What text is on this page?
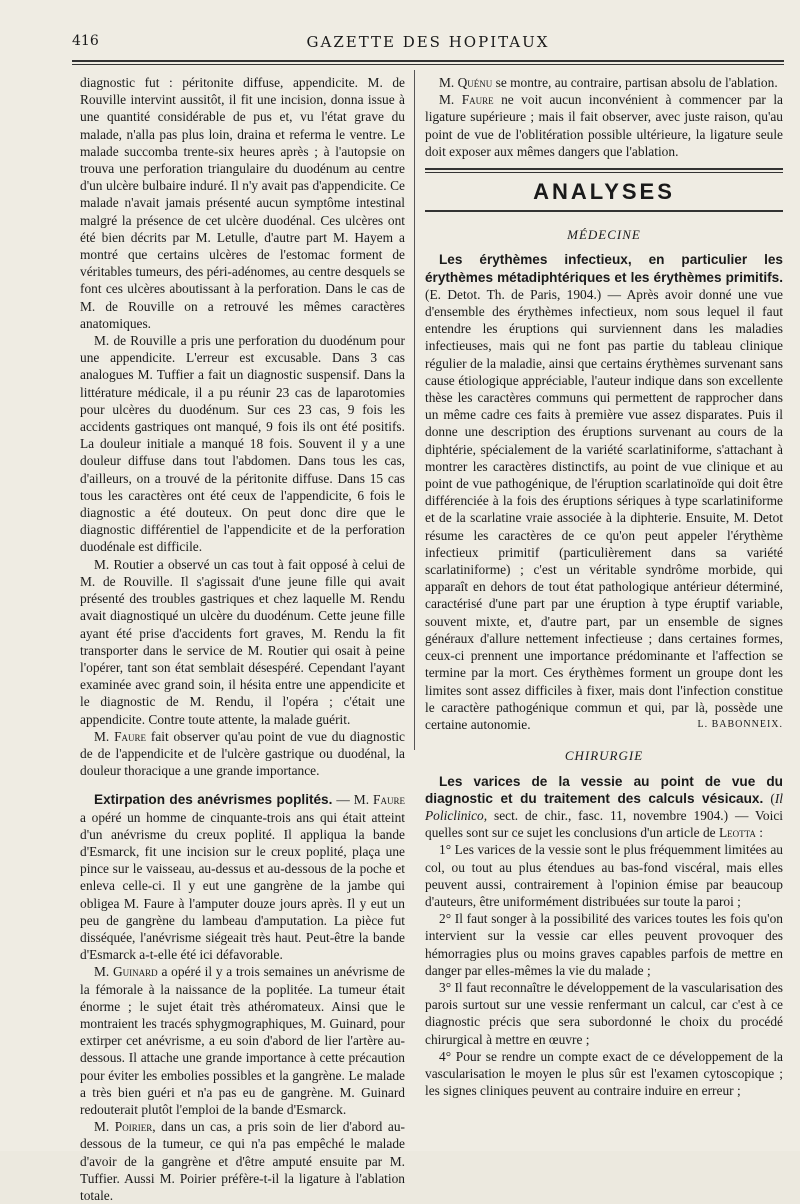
416	GAZETTE DES HOPITAUX

diagnostic fut : péritonite diffuse, appendicite. M. de Rouville intervint aussitôt, il fit une incision, donna issue à une quantité considérable de pus et, vu l'état grave du malade, n'alla pas plus loin, draina et referma le ventre. Le malade succomba trente-six heures après ; à l'autopsie on trouva une perforation triangulaire du duodénum au centre d'un ulcère bulbaire induré. Il n'y avait pas d'appendicite. Ce malade n'avait jamais présenté aucun symptôme intestinal malgré la présence de cet ulcère duodénal. Ces ulcères ont été bien décrits par M. Letulle, d'autre part M. Hayem a montré que certains ulcères de l'estomac forment de véritables tumeurs, des péri-adénomes, au centre desquels se font ces ulcères aboutissant à la perforation. Dans le cas de M. de Rouville on a retrouvé les mêmes caractères anatomiques.

M. de Rouville a pris une perforation du duodénum pour une appendicite. L'erreur est excusable. Dans 3 cas analogues M. Tuffier a fait un diagnostic suspensif. Dans la littérature médicale, il a pu réunir 23 cas de laparotomies pour ulcères du duodénum. Sur ces 23 cas, 9 fois les accidents gastriques ont manqué, 9 fois ils ont été positifs. La douleur initiale a manqué 18 fois. Souvent il y a une douleur diffuse dans tout l'abdomen. Dans tous les cas, d'ailleurs, on a trouvé de la péritonite diffuse. Dans 15 cas tous les caractères ont été ceux de l'appendicite, 6 fois le diagnostic a été douteux. On peut donc dire que le diagnostic différentiel de l'appendicite et de la perforation duodénale est difficile.

M. Routier a observé un cas tout à fait opposé à celui de M. de Rouville. Il s'agissait d'une jeune fille qui avait présenté des troubles gastriques et chez laquelle M. Rendu avait diagnostiqué un ulcère du duodénum. Cette jeune fille ayant été prise d'accidents fort graves, M. Rendu la fit transporter dans le service de M. Routier qui osait à peine l'opérer, tant son état semblait désespéré. Cependant l'ayant examinée avec grand soin, il hésita entre une appendicite et le diagnostic de M. Rendu, il l'opéra ; c'était une appendicite. Contre toute attente, la malade guérit.

M. Faure fait observer qu'au point de vue du diagnostic de de l'appendicite et de l'ulcère gastrique ou duodénal, la douleur thoracique a une grande importance.

Extirpation des anévrismes poplités. — M. Faure a opéré un homme de cinquante-trois ans qui était atteint d'un anévrisme du creux poplité. Il appliqua la bande d'Esmarck, fit une incision sur le creux poplité, plaça une pince sur le vaisseau, au-dessus et au-dessous de la poche et enleva celle-ci. Il y eut une gangrène de la jambe qui obligea M. Faure à l'amputer douze jours après. Il y eut un peu de gangrène du lambeau d'amputation. La pièce fut disséquée, l'anévrisme siégeait très haut. Peut-être la bande d'Esmarck a-t-elle été ici défavorable.

M. Guinard a opéré il y a trois semaines un anévrisme de la fémorale à la naissance de la poplitée. La tumeur était énorme ; le sujet était très athéromateux. Ainsi que le montraient les tracés sphygmographiques, M. Guinard, pour extirper cet anévrisme, a eu soin d'abord de lier l'artère au-dessous. Il attache une grande importance à cette précaution pour éviter les embolies possibles et la gangrène. Le malade a très bien guéri et n'a pas eu de gangrène. M. Guinard redouterait plutôt l'emploi de la bande d'Esmarck.

M. Poirier, dans un cas, a pris soin de lier d'abord au-dessous de la tumeur, ce qui n'a pas empêché le malade d'avoir de la gangrène et d'être amputé ensuite par M. Tuffier. Aussi M. Poirier préfère-t-il la ligature à l'ablation totale.

M. Quénu se montre, au contraire, partisan absolu de l'ablation.

M. Faure ne voit aucun inconvénient à commencer par la ligature supérieure ; mais il fait observer, avec juste raison, qu'au point de vue de l'oblitération possible ultérieure, la ligature seule doit exposer aux mêmes dangers que l'ablation.

ANALYSES
MÉDECINE

Les érythèmes infectieux, en particulier les érythèmes métadiphtériques et les érythèmes primitifs. (E. Detot. Th. de Paris, 1904.) — Après avoir donné une vue d'ensemble des érythèmes infectieux, nom sous lequel il faut entendre les éruptions qui surviennent dans les maladies infectieuses, mais qui ne font pas partie du tableau clinique régulier de la maladie, ainsi que certains érythèmes survenant sans cause étiologique appréciable, l'auteur indique dans son excellente thèse les caractères communs qui permettent de rapprocher dans un même cadre ces faits à première vue assez disparates. Puis il donne une description des éruptions survenant au cours de la diphtérie, spécialement de la variété scarlatiniforme, s'attachant à montrer les caractères distinctifs, au point de vue clinique et au point de vue pathogénique, de l'éruption scarlatinoïde qui doit être différenciée à la fois des éruptions sériques à type scarlatiniforme et de la scarlatine vraie associée à la diphterie. Ensuite, M. Detot résume les caractères de ce qu'on peut appeler l'érythème infectieux primitif (particulièrement dans sa variété scarlatiniforme) ; c'est un véritable syndrôme morbide, qui apparaît en dehors de tout état pathologique antérieur déterminé, caractérisé d'une part par une éruption à type éruptif variable, souvent mixte, et, d'autre part, par un ensemble de signes généraux d'allure nettement infectieuse ; dans certaines formes, ceux-ci prennent une importance prédominante et l'affection se termine par la mort. Ces érythèmes forment un groupe dont les limites sont assez difficiles à fixer, mais dont l'infection constitue le caractère pathogénique commun et qui, par là, possède une certaine autonomie.	L. BABONNEIX.
CHIRURGIE

Les varices de la vessie au point de vue du diagnostic et du traitement des calculs vésicaux. (Il Policlinico, sect. de chir., fasc. 11, novembre 1904.) — Voici quelles sont sur ce sujet les conclusions d'un article de Leotta :

1° Les varices de la vessie sont le plus fréquemment limitées au col, ou tout au plus étendues au bas-fond viscéral, mais elles peuvent aussi, contrairement à l'opinion émise par beaucoup d'auteurs, être uniformément distribuées sur toute la paroi ;

2° Il faut songer à la possibilité des varices toutes les fois qu'on intervient sur la vessie car elles peuvent provoquer des hémorragies plus ou moins graves capables parfois de mettre en danger par elles-mêmes la vie du malade ;

3° Il faut reconnaître le développement de la vascularisation des parois surtout sur une vessie renfermant un calcul, car c'est à ce diagnostic précis que sera subordonné le choix du procédé chirurgical à mettre en œuvre ;

4° Pour se rendre un compte exact de ce développement de la vascularisation le moyen le plus sûr est l'examen cytoscopique ; les signes cliniques peuvent au contraire induire en erreur ;
